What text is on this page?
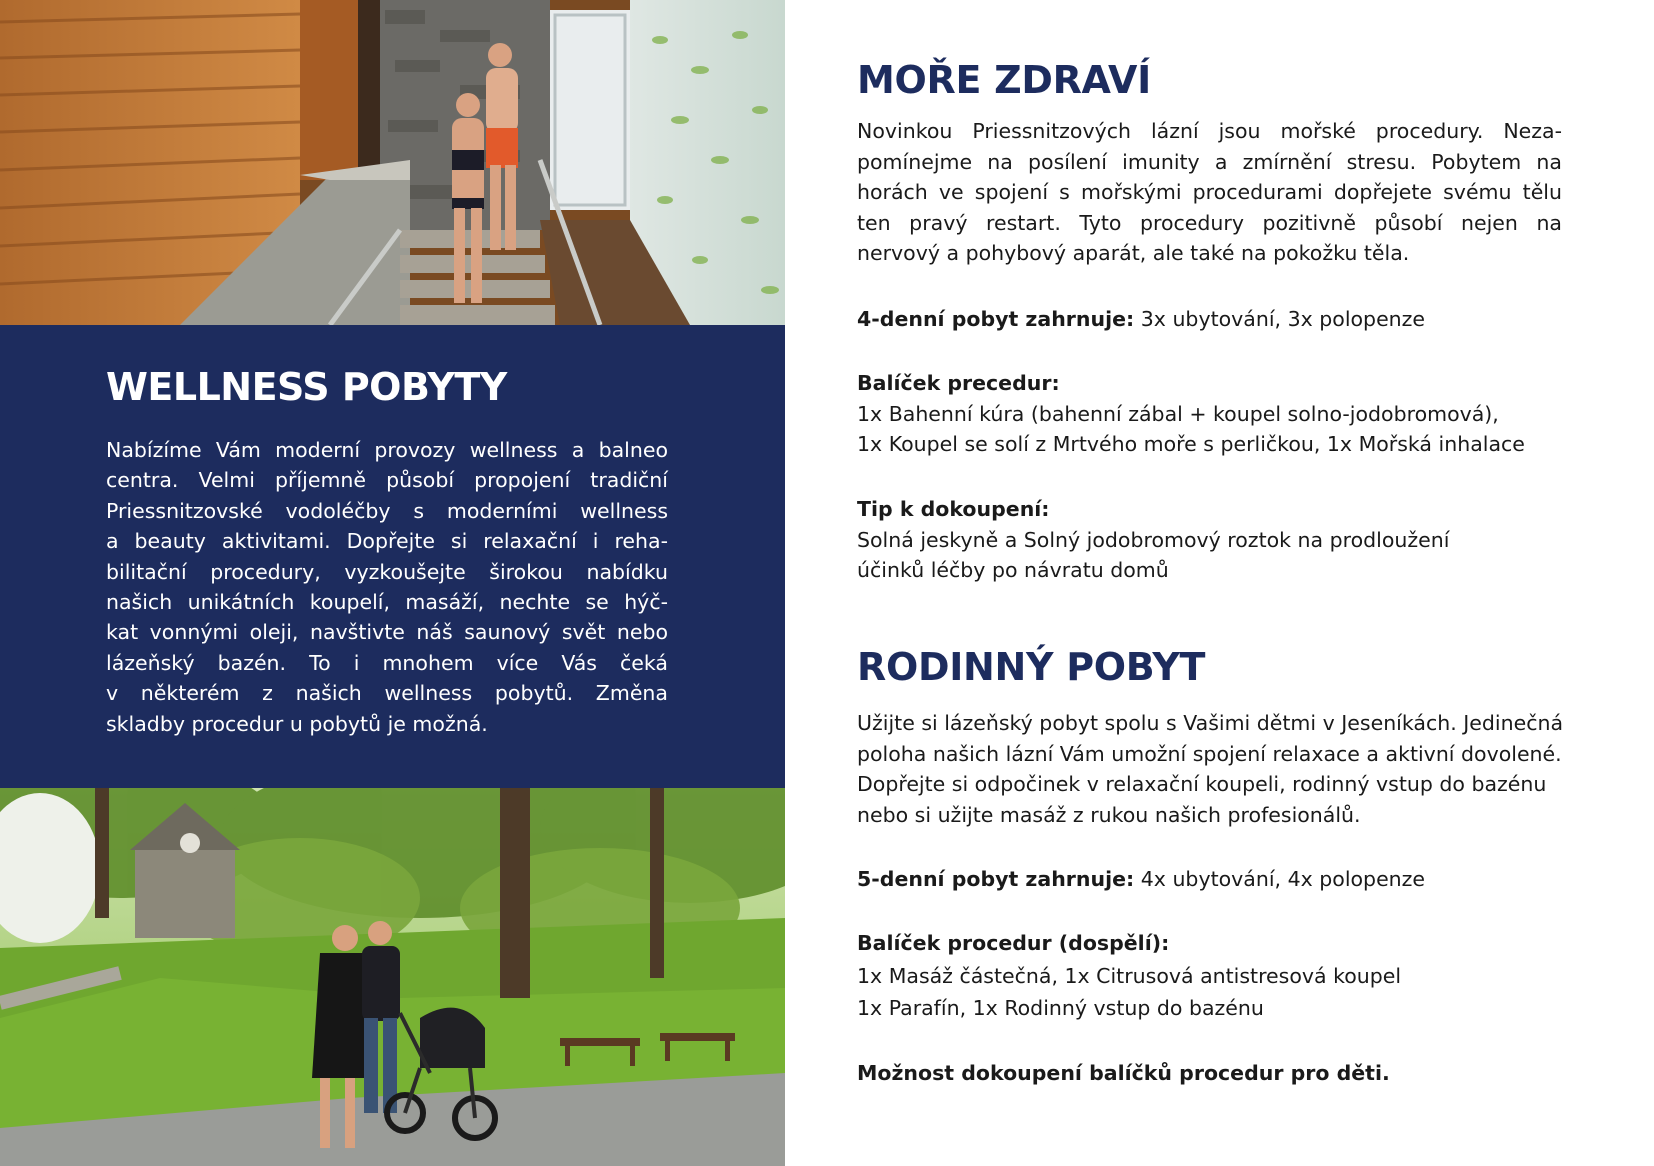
WELLNESS POBYTY
Nabízíme Vám moderní provozy wellness a balneo
centra. Velmi příjemně působí propojení tradiční
Priessnitzovské vodoléčby s moderními wellness
a beauty aktivitami. Dopřejte si relaxační i reha-
bilitační procedury, vyzkoušejte širokou nabídku
našich unikátních koupelí, masáží, nechte se hýč-
kat vonnými oleji, navštivte náš saunový svět nebo
lázeňský bazén. To i mnohem více Vás čeká
v některém z našich wellness pobytů. Změna
skladby procedur u pobytů je možná.
MOŘE ZDRAVÍ
Novinkou Priessnitzových lázní jsou mořské procedury. Neza-
pomínejme na posílení imunity a zmírnění stresu. Pobytem na
horách ve spojení s mořskými procedurami dopřejete svému tělu
ten pravý restart. Tyto procedury pozitivně působí nejen na
nervový a pohybový aparát, ale také na pokožku těla.
4-denní pobyt zahrnuje: 3x ubytování, 3x polopenze
Balíček precedur:
1x Bahenní kúra (bahenní zábal + koupel solno-jodobromová),
1x Koupel se solí z Mrtvého moře s perličkou, 1x Mořská inhalace
Tip k dokoupení:
Solná jeskyně a Solný jodobromový roztok na prodloužení
účinků léčby po návratu domů
RODINNÝ POBYT
Užijte si lázeňský pobyt spolu s Vašimi dětmi v Jeseníkách. Jedinečná
poloha našich lázní Vám umožní spojení relaxace a aktivní dovolené.
Dopřejte si odpočinek v relaxační koupeli, rodinný vstup do bazénu
nebo si užijte masáž z rukou našich profesionálů.
5-denní pobyt zahrnuje: 4x ubytování, 4x polopenze
Balíček procedur (dospělí):
1x Masáž částečná, 1x Citrusová antistresová koupel
1x Parafín, 1x Rodinný vstup do bazénu
Možnost dokoupení balíčků procedur pro děti.
